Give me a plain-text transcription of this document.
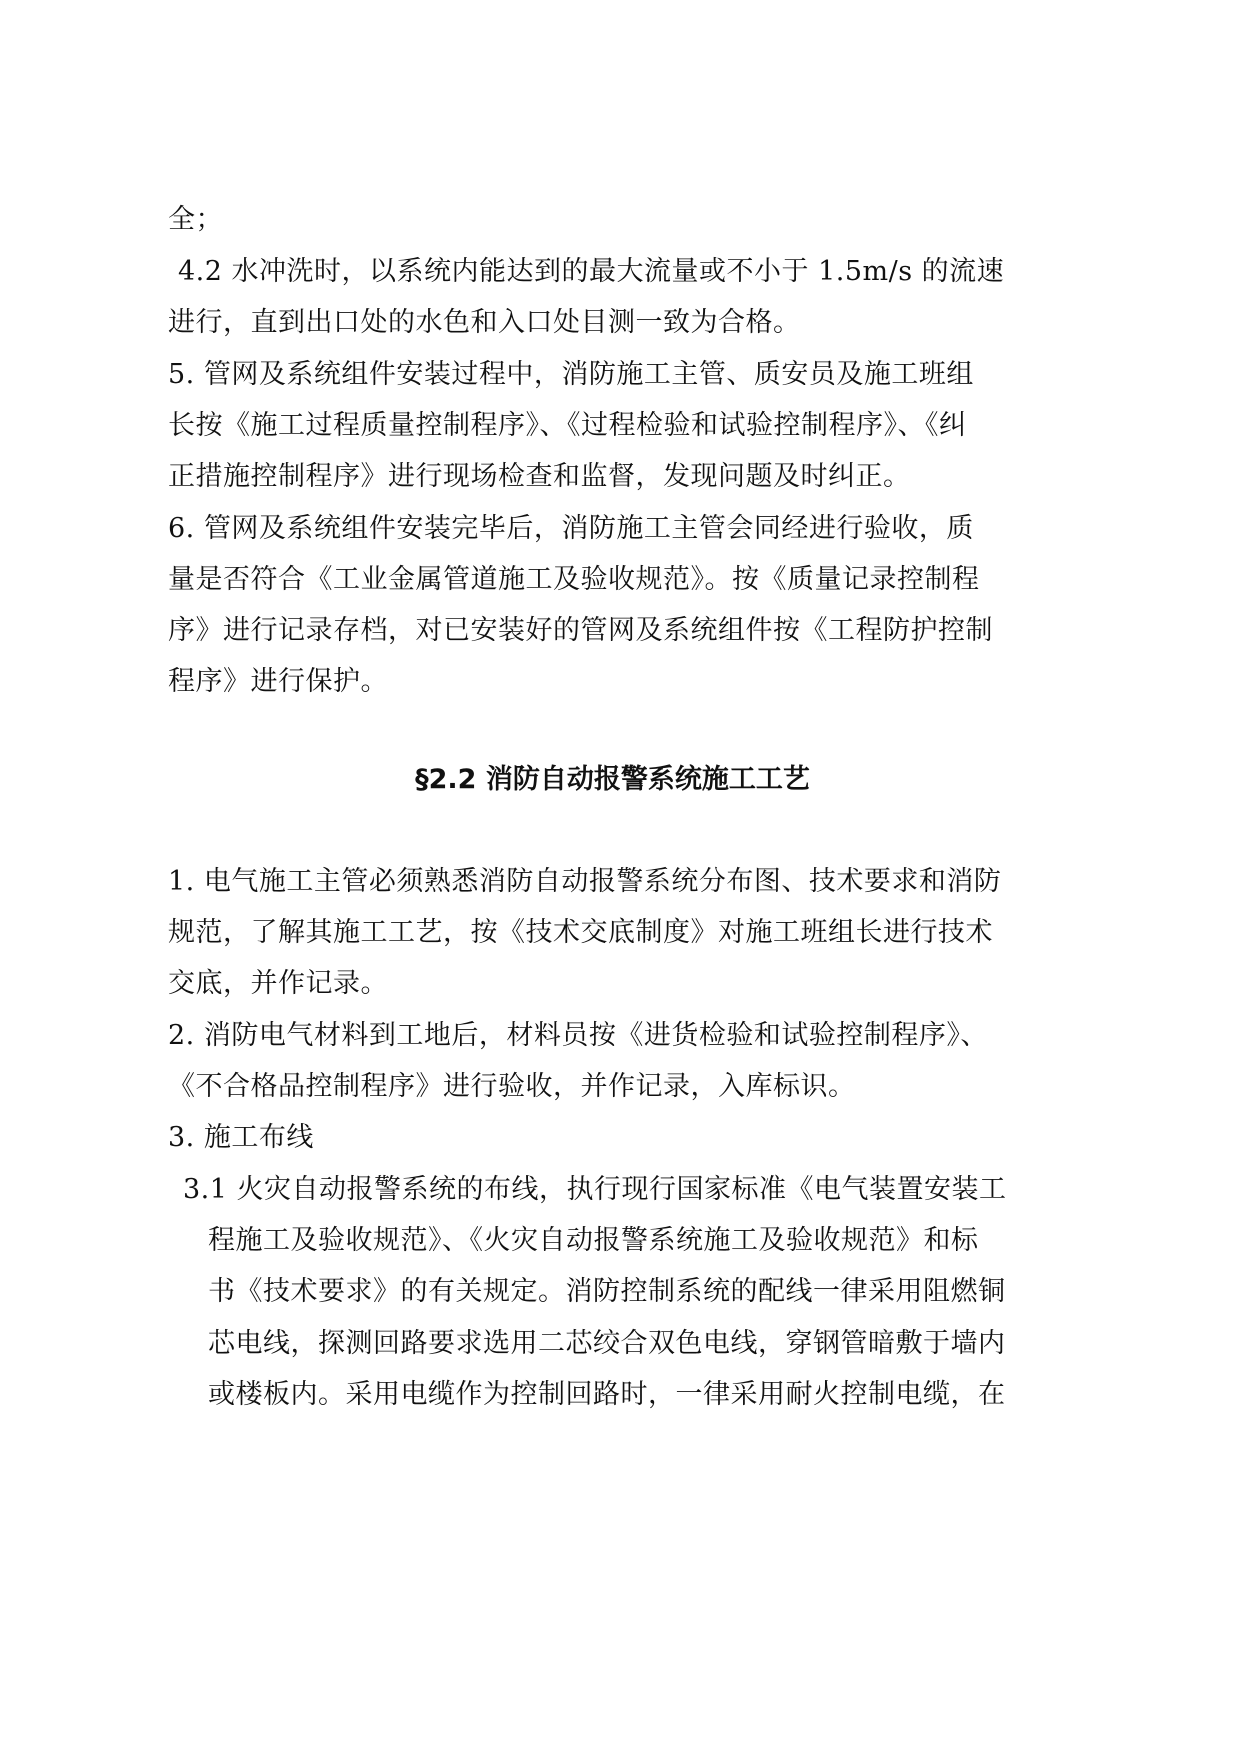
全；
4.2 水冲洗时，以系统内能达到的最大流量或不小于 1.5m/s 的流速
进行，直到出口处的水色和入口处目测一致为合格。
5. 管网及系统组件安装过程中，消防施工主管、质安员及施工班组
长按《施工过程质量控制程序》、《过程检验和试验控制程序》、《纠
正措施控制程序》进行现场检查和监督，发现问题及时纠正。
6. 管网及系统组件安装完毕后，消防施工主管会同经进行验收，质
量是否符合《工业金属管道施工及验收规范》。按《质量记录控制程
序》进行记录存档，对已安装好的管网及系统组件按《工程防护控制
程序》进行保护。
§2.2 消防自动报警系统施工工艺
1. 电气施工主管必须熟悉消防自动报警系统分布图、技术要求和消防
规范，了解其施工工艺，按《技术交底制度》对施工班组长进行技术
交底，并作记录。
2. 消防电气材料到工地后，材料员按《进货检验和试验控制程序》、
《不合格品控制程序》进行验收，并作记录，入库标识。
3. 施工布线
3.1 火灾自动报警系统的布线，执行现行国家标准《电气装置安装工
程施工及验收规范》、《火灾自动报警系统施工及验收规范》和标
书《技术要求》的有关规定。消防控制系统的配线一律采用阻燃铜
芯电线，探测回路要求选用二芯绞合双色电线，穿钢管暗敷于墙内
或楼板内。采用电缆作为控制回路时，一律采用耐火控制电缆，在
